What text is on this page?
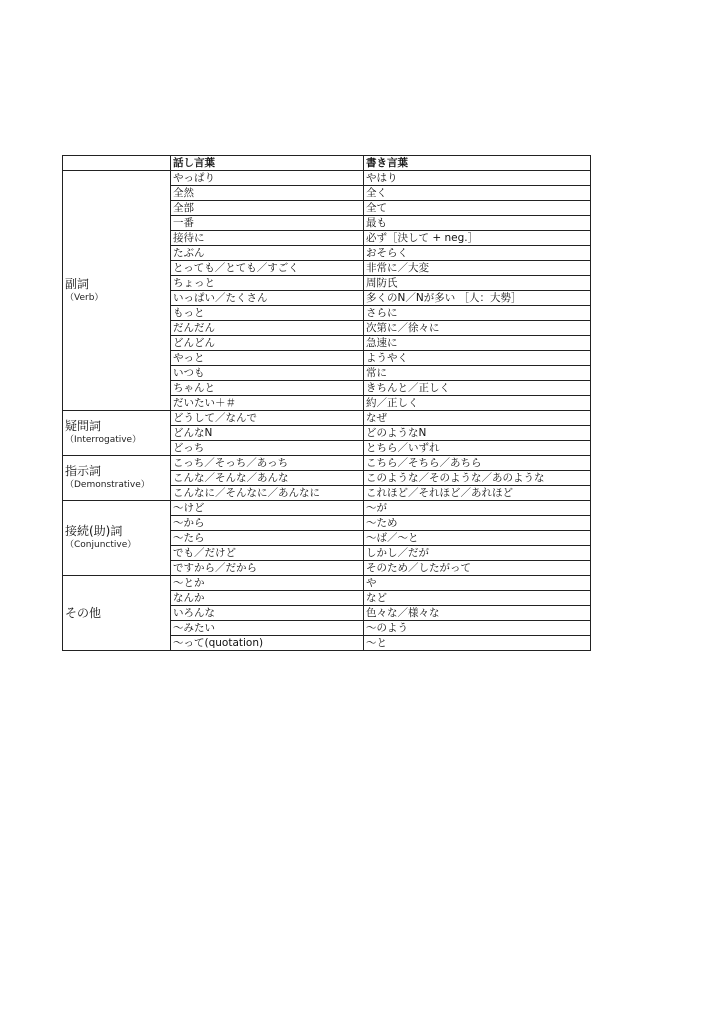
	話し言葉	書き言葉

副詞
（Verb）	やっぱり	やはり
	全然	全く
	全部	全て
	一番	最も
	接待に	必ず［決して + neg.］
	たぶん	おそらく
	とっても／とても／すごく	非常に／大変
	ちょっと	周防氏
	いっぱい／たくさん	多くのN／Nが多い ［人：大勢］
	もっと	さらに
	だんだん	次第に／徐々に
	どんどん	急速に
	やっと	ようやく
	いつも	常に
	ちゃんと	きちんと／正しく
	だいたい＋＃	約／正しく

疑問詞
（Interrogative）	どうして／なんで	なぜ
	どんなN	どのようなN
	どっち	とちら／いずれ

指示詞
（Demonstrative）	こっち／そっち／あっち	こちら／そちら／あちら
	こんな／そんな／あんな	このような／そのような／あのような
	こんなに／そんなに／あんなに	これほど／それほど／あれほど

接続(助)詞
（Conjunctive）	～けど	～が
	～から	～ため
	～たら	～ば／～と
	でも／だけど	しかし／だが
	ですから／だから	そのため／したがって

その他	～とか	や
	なんか	など
	いろんな	色々な／様々な
	～みたい	～のよう
	～って(quotation)	～と
